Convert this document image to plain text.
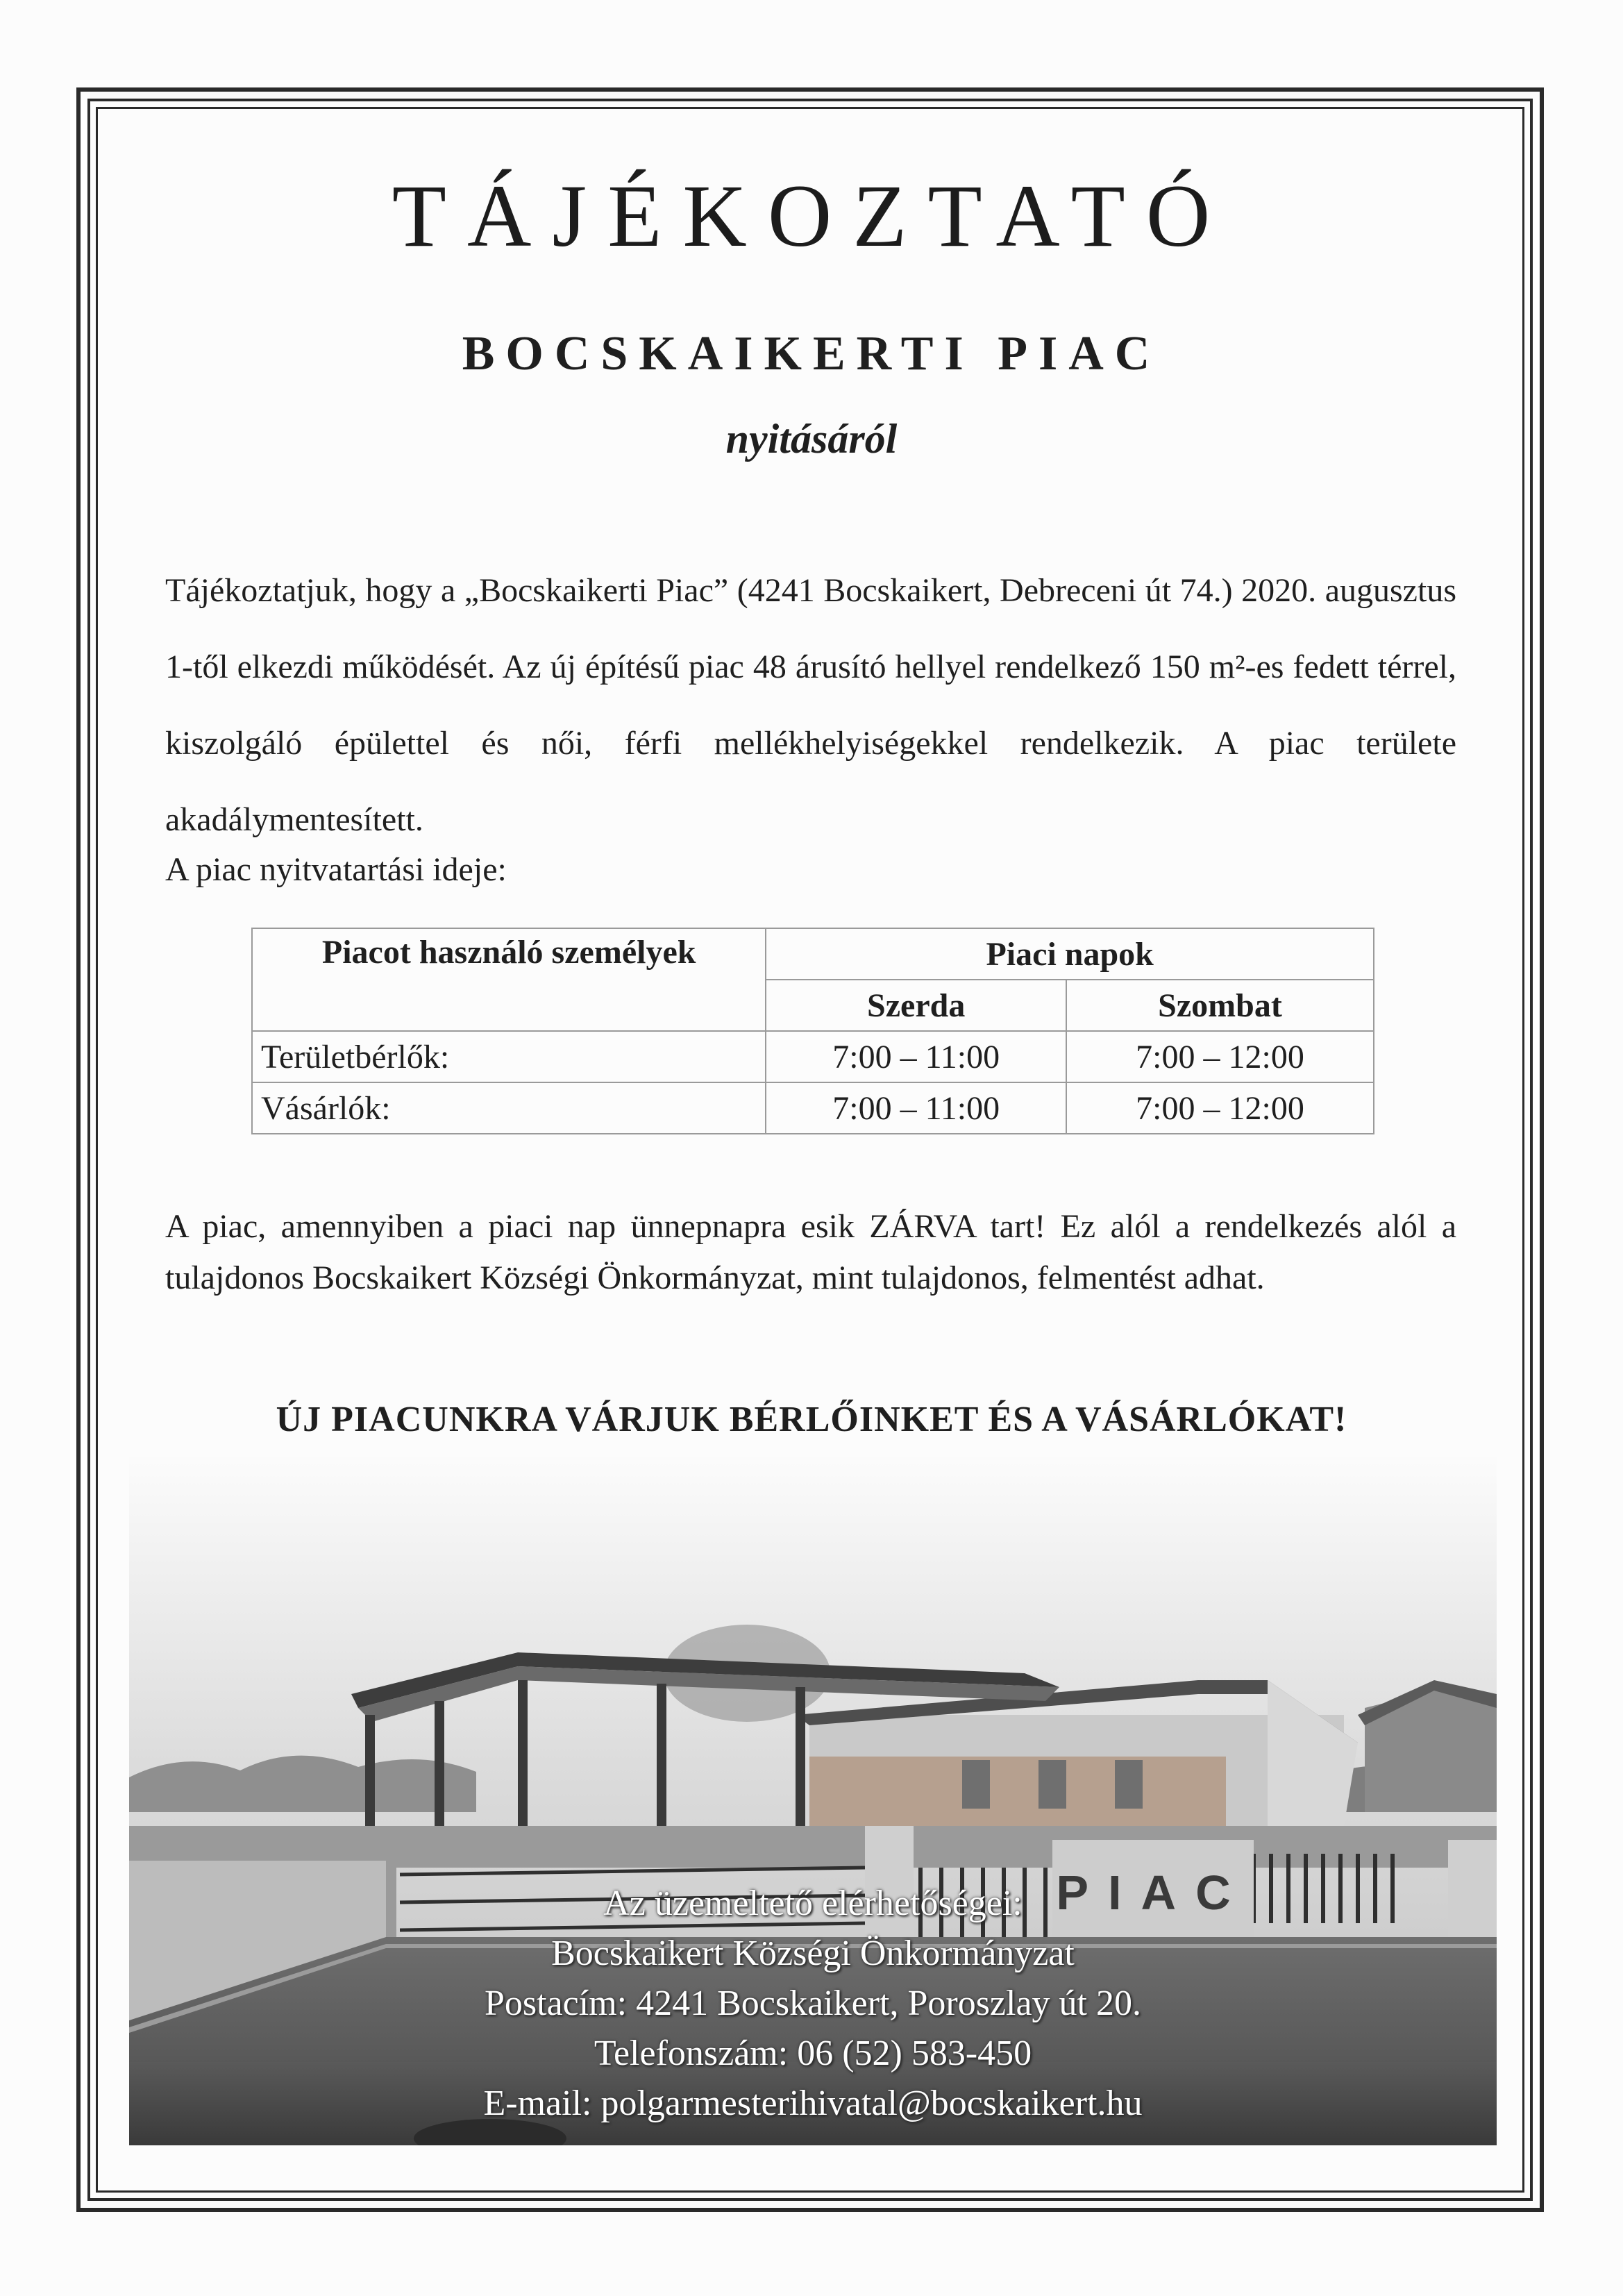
TÁJÉKOZTATÓ
BOCSKAIKERTI PIAC
nyitásáról
Tájékoztatjuk, hogy a „Bocskaikerti Piac” (4241 Bocskaikert, Debreceni út 74.) 2020. augusztus 1-től elkezdi működését. Az új építésű piac 48 árusító hellyel rendelkező 150 m²-es fedett térrel, kiszolgáló épülettel és női, férfi mellékhelyiségekkel rendelkezik. A piac területe akadálymentesített.
A piac nyitvatartási ideje:
Piacot használó személyek	Piaci napok	
	Szerda	Szombat
Területbérlők:	7:00 – 11:00	7:00 – 12:00
Vásárlók:	7:00 – 11:00	7:00 – 12:00
A piac, amennyiben a piaci nap ünnepnapra esik ZÁRVA tart! Ez alól a rendelkezés alól a tulajdonos Bocskaikert Községi Önkormányzat, mint tulajdonos, felmentést adhat.
ÚJ PIACUNKRA VÁRJUK BÉRLŐINKET ÉS A VÁSÁRLÓKAT!
PIAC
Az üzemeltető elérhetőségei:
Bocskaikert Községi Önkormányzat
Postacím: 4241 Bocskaikert, Poroszlay út 20.
Telefonszám: 06 (52) 583-450
E-mail: polgarmesterihivatal@bocskaikert.hu
